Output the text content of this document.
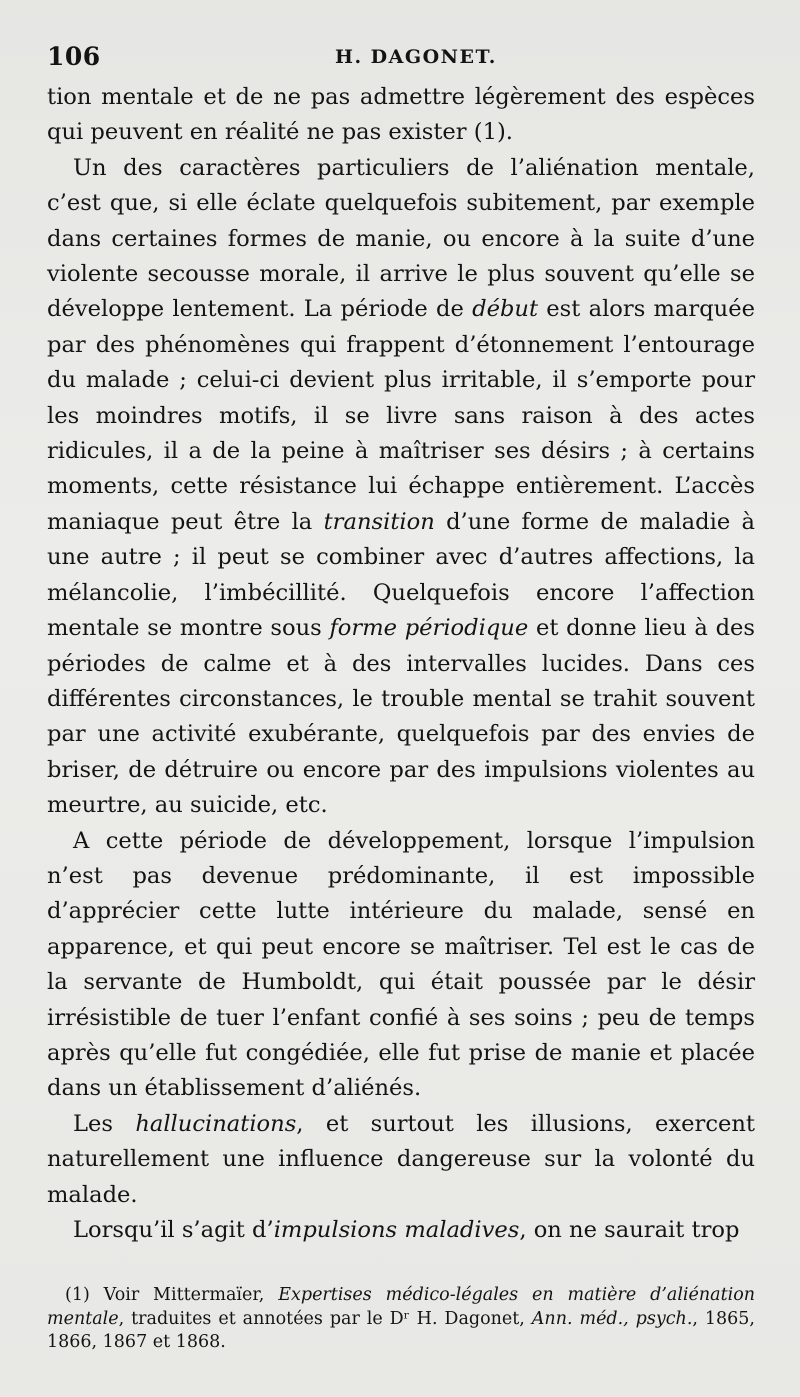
106	H. DAGONET.

tion mentale et de ne pas admettre légèrement des espèces qui peuvent en réalité ne pas exister (1).

Un des caractères particuliers de l’aliénation mentale, c’est que, si elle éclate quelquefois subitement, par exemple dans certaines formes de manie, ou encore à la suite d’une violente secousse morale, il arrive le plus souvent qu’elle se développe lentement. La période de début est alors marquée par des phénomènes qui frappent d’étonnement l’entourage du malade ; celui-ci devient plus irritable, il s’emporte pour les moindres motifs, il se livre sans raison à des actes ridicules, il a de la peine à maîtriser ses désirs ; à certains moments, cette résistance lui échappe entièrement. L’accès maniaque peut être la transition d’une forme de maladie à une autre ; il peut se combiner avec d’autres affections, la mélancolie, l’imbécillité. Quelquefois encore l’affection mentale se montre sous forme périodique et donne lieu à des périodes de calme et à des intervalles lucides. Dans ces différentes circonstances, le trouble mental se trahit souvent par une activité exubérante, quelquefois par des envies de briser, de détruire ou encore par des impulsions violentes au meurtre, au suicide, etc.

A cette période de développement, lorsque l’impulsion n’est pas devenue prédominante, il est impossible d’apprécier cette lutte intérieure du malade, sensé en apparence, et qui peut encore se maîtriser. Tel est le cas de la servante de Humboldt, qui était poussée par le désir irrésistible de tuer l’enfant confié à ses soins ; peu de temps après qu’elle fut congédiée, elle fut prise de manie et placée dans un établissement d’aliénés.

Les hallucinations, et surtout les illusions, exercent naturellement une influence dangereuse sur la volonté du malade.

Lorsqu’il s’agit d’impulsions maladives, on ne saurait trop

(1) Voir Mittermaïer, Expertises médico-légales en matière d’aliénation mentale, traduites et annotées par le Dʳ H. Dagonet, Ann. méd., psych., 1865, 1866, 1867 et 1868.
